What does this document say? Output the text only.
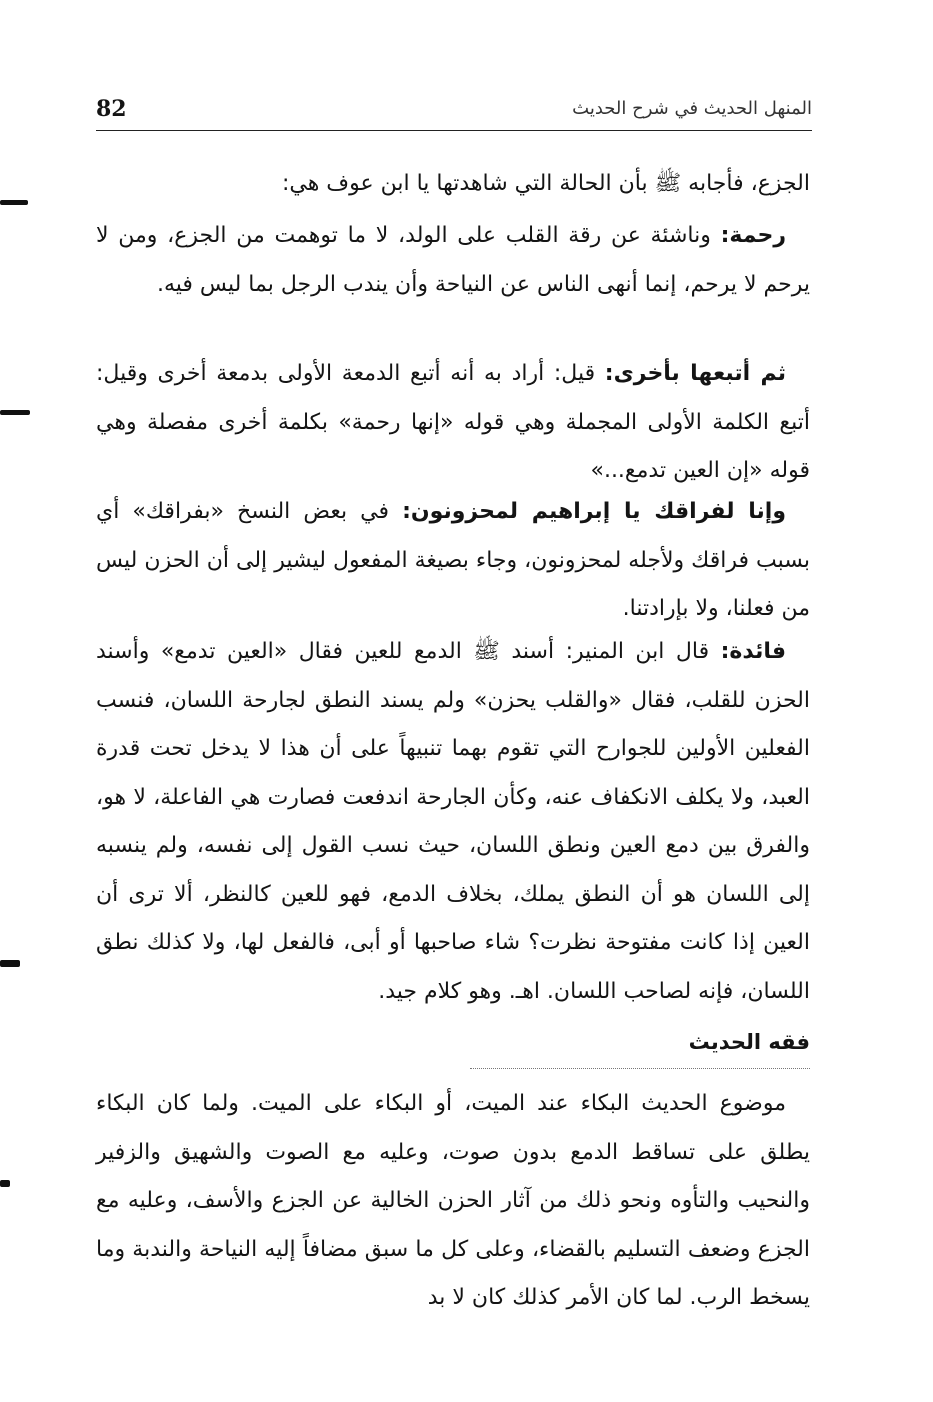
82	المنهل الحديث في شرح الحديث

الجزع، فأجابه ﷺ بأن الحالة التي شاهدتها يا ابن عوف هي:

رحمة: وناشئة عن رقة القلب على الولد، لا ما توهمت من الجزع، ومن لا يرحم لا يرحم، إنما أنهى الناس عن النياحة وأن يندب الرجل بما ليس فيه.

ثم أتبعها بأخرى: قيل: أراد به أنه أتبع الدمعة الأولى بدمعة أخرى وقيل: أتبع الكلمة الأولى المجملة وهي قوله «إنها رحمة» بكلمة أخرى مفصلة وهي قوله «إن العين تدمع...»

وإنا لفراقك يا إبراهيم لمحزونون: في بعض النسخ «بفراقك» أي بسبب فراقك ولأجله لمحزونون، وجاء بصيغة المفعول ليشير إلى أن الحزن ليس من فعلنا، ولا بإرادتنا.

فائدة: قال ابن المنير: أسند ﷺ الدمع للعين فقال «العين تدمع» وأسند الحزن للقلب، فقال «والقلب يحزن» ولم يسند النطق لجارحة اللسان، فنسب الفعلين الأولين للجوارح التي تقوم بهما تنبيهاً على أن هذا لا يدخل تحت قدرة العبد، ولا يكلف الانكفاف عنه، وكأن الجارحة اندفعت فصارت هي الفاعلة، لا هو، والفرق بين دمع العين ونطق اللسان، حيث نسب القول إلى نفسه، ولم ينسبه إلى اللسان هو أن النطق يملك، بخلاف الدمع، فهو للعين كالنظر، ألا ترى أن العين إذا كانت مفتوحة نظرت؟ شاء صاحبها أو أبى، فالفعل لها، ولا كذلك نطق اللسان، فإنه لصاحب اللسان. اهـ. وهو كلام جيد.

فقه الحديث

موضوع الحديث البكاء عند الميت، أو البكاء على الميت. ولما كان البكاء يطلق على تساقط الدمع بدون صوت، وعليه مع الصوت والشهيق والزفير والنحيب والتأوه ونحو ذلك من آثار الحزن الخالية عن الجزع والأسف، وعليه مع الجزع وضعف التسليم بالقضاء، وعلى كل ما سبق مضافاً إليه النياحة والندبة وما يسخط الرب. لما كان الأمر كذلك كان لا بد
